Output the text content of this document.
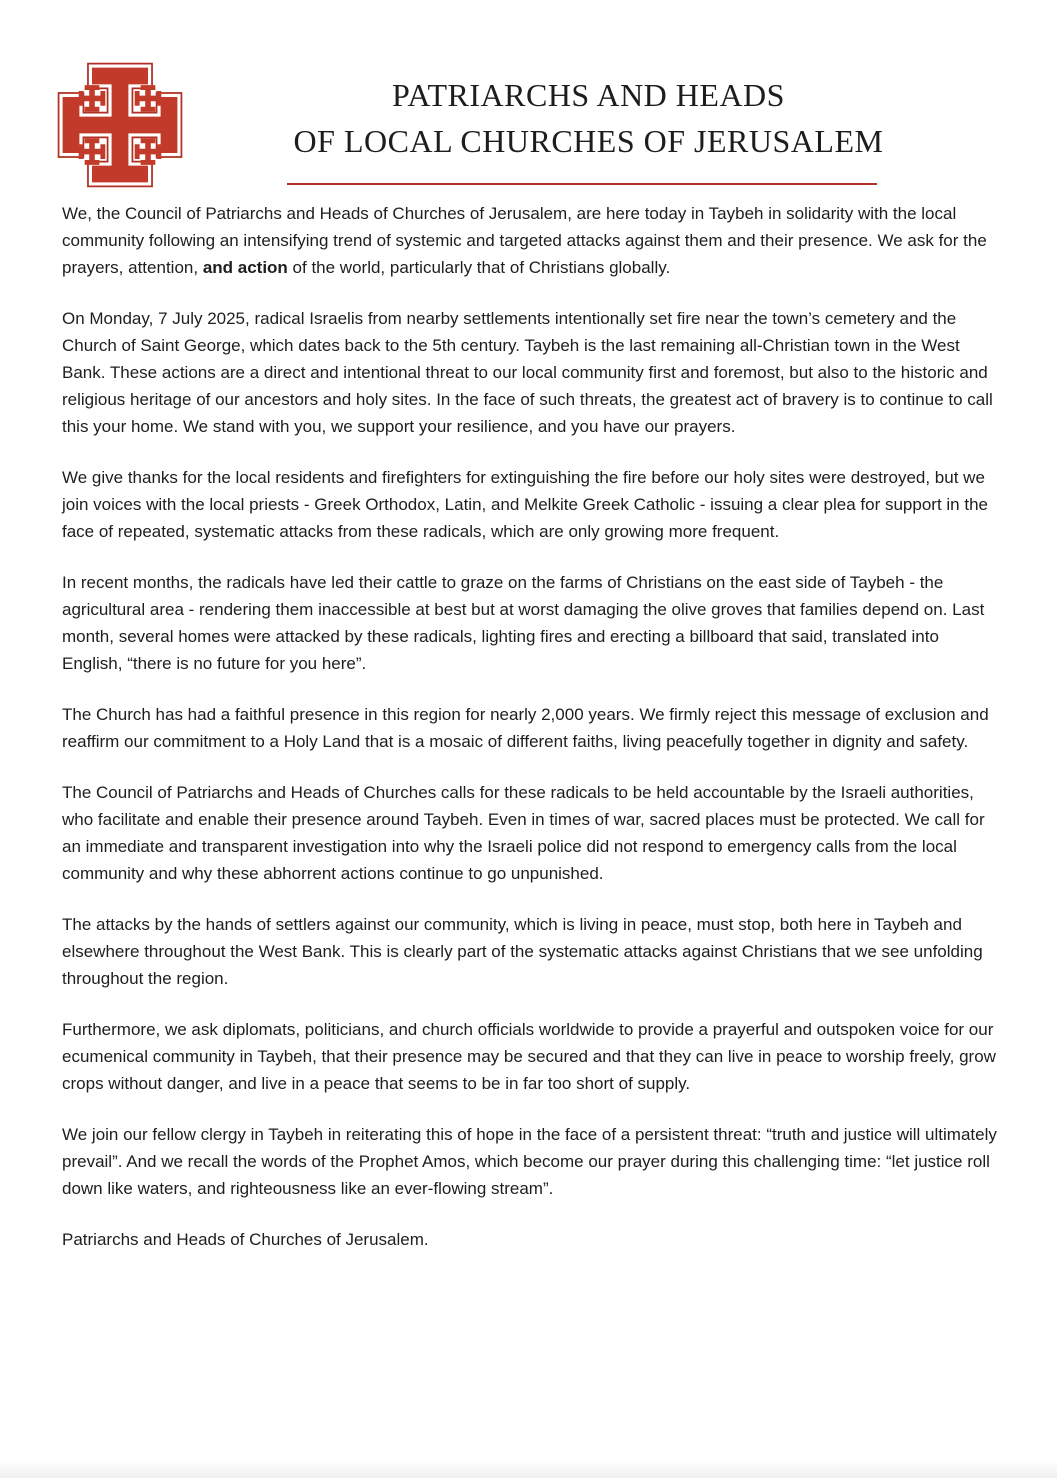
PATRIARCHS AND HEADS
OF LOCAL CHURCHES OF JERUSALEM

We, the Council of Patriarchs and Heads of Churches of Jerusalem, are here today in Taybeh in solidarity with the local community following an intensifying trend of systemic and targeted attacks against them and their presence. We ask for the prayers, attention, and action of the world, particularly that of Christians globally.

On Monday, 7 July 2025, radical Israelis from nearby settlements intentionally set fire near the town’s cemetery and the Church of Saint George, which dates back to the 5th century. Taybeh is the last remaining all-Christian town in the West Bank. These actions are a direct and intentional threat to our local community first and foremost, but also to the historic and religious heritage of our ancestors and holy sites. In the face of such threats, the greatest act of bravery is to continue to call this your home. We stand with you, we support your resilience, and you have our prayers.

We give thanks for the local residents and firefighters for extinguishing the fire before our holy sites were destroyed, but we join voices with the local priests - Greek Orthodox, Latin, and Melkite Greek Catholic - issuing a clear plea for support in the face of repeated, systematic attacks from these radicals, which are only growing more frequent.

In recent months, the radicals have led their cattle to graze on the farms of Christians on the east side of Taybeh - the agricultural area - rendering them inaccessible at best but at worst damaging the olive groves that families depend on. Last month, several homes were attacked by these radicals, lighting fires and erecting a billboard that said, translated into English, “there is no future for you here”.

The Church has had a faithful presence in this region for nearly 2,000 years. We firmly reject this message of exclusion and reaffirm our commitment to a Holy Land that is a mosaic of different faiths, living peacefully together in dignity and safety.

The Council of Patriarchs and Heads of Churches calls for these radicals to be held accountable by the Israeli authorities, who facilitate and enable their presence around Taybeh. Even in times of war, sacred places must be protected. We call for an immediate and transparent investigation into why the Israeli police did not respond to emergency calls from the local community and why these abhorrent actions continue to go unpunished.

The attacks by the hands of settlers against our community, which is living in peace, must stop, both here in Taybeh and elsewhere throughout the West Bank. This is clearly part of the systematic attacks against Christians that we see unfolding throughout the region.

Furthermore, we ask diplomats, politicians, and church officials worldwide to provide a prayerful and outspoken voice for our ecumenical community in Taybeh, that their presence may be secured and that they can live in peace to worship freely, grow crops without danger, and live in a peace that seems to be in far too short of supply.

We join our fellow clergy in Taybeh in reiterating this of hope in the face of a persistent threat: “truth and justice will ultimately prevail”. And we recall the words of the Prophet Amos, which become our prayer during this challenging time: “let justice roll down like waters, and righteousness like an ever-flowing stream”.

Patriarchs and Heads of Churches of Jerusalem.
